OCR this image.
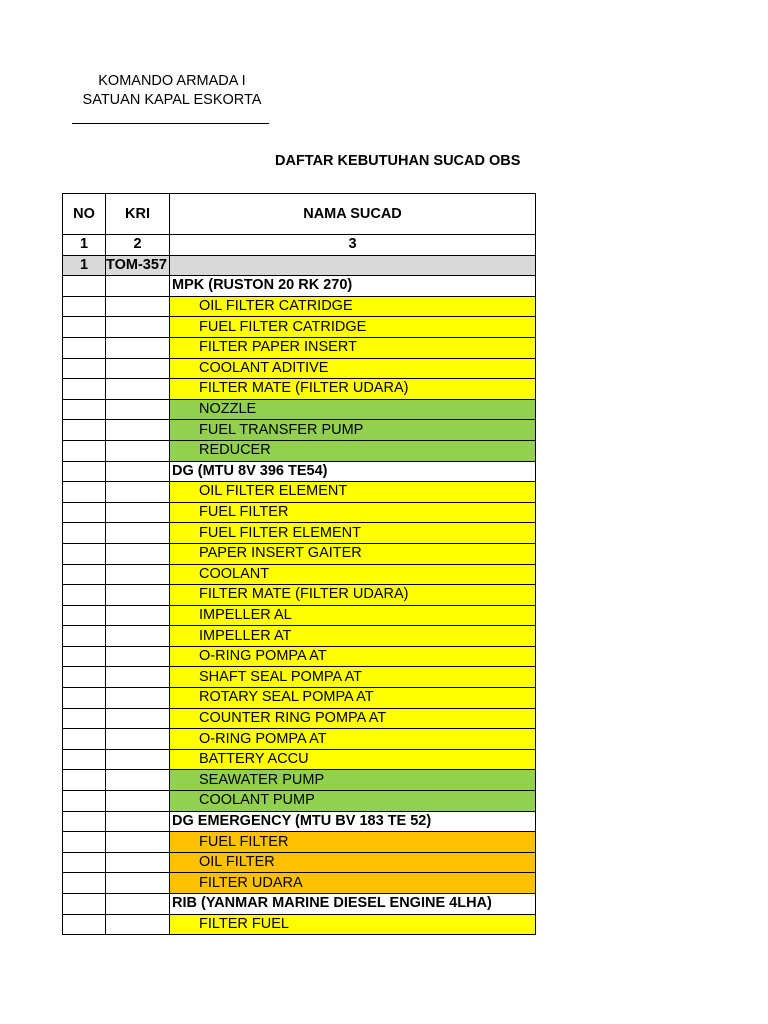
KOMANDO ARMADA I
SATUAN KAPAL ESKORTA
DAFTAR KEBUTUHAN SUCAD OBS
NO	KRI	NAMA SUCAD
1	2	3
1	TOM-357	
		MPK (RUSTON 20 RK 270)
		OIL FILTER CATRIDGE
		FUEL FILTER CATRIDGE
		FILTER PAPER INSERT
		COOLANT ADITIVE
		FILTER MATE (FILTER UDARA)
		NOZZLE
		FUEL TRANSFER PUMP
		REDUCER
		DG (MTU 8V 396 TE54)
		OIL FILTER ELEMENT
		FUEL FILTER
		FUEL FILTER ELEMENT
		PAPER INSERT GAITER
		COOLANT
		FILTER MATE (FILTER UDARA)
		IMPELLER AL
		IMPELLER AT
		O-RING POMPA AT
		SHAFT SEAL POMPA AT
		ROTARY SEAL POMPA AT
		COUNTER RING POMPA AT
		O-RING POMPA AT
		BATTERY ACCU
		SEAWATER PUMP
		COOLANT PUMP
		DG EMERGENCY (MTU BV 183 TE 52)
		FUEL FILTER
		OIL FILTER
		FILTER UDARA
		RIB (YANMAR MARINE DIESEL ENGINE 4LHA)
		FILTER FUEL
